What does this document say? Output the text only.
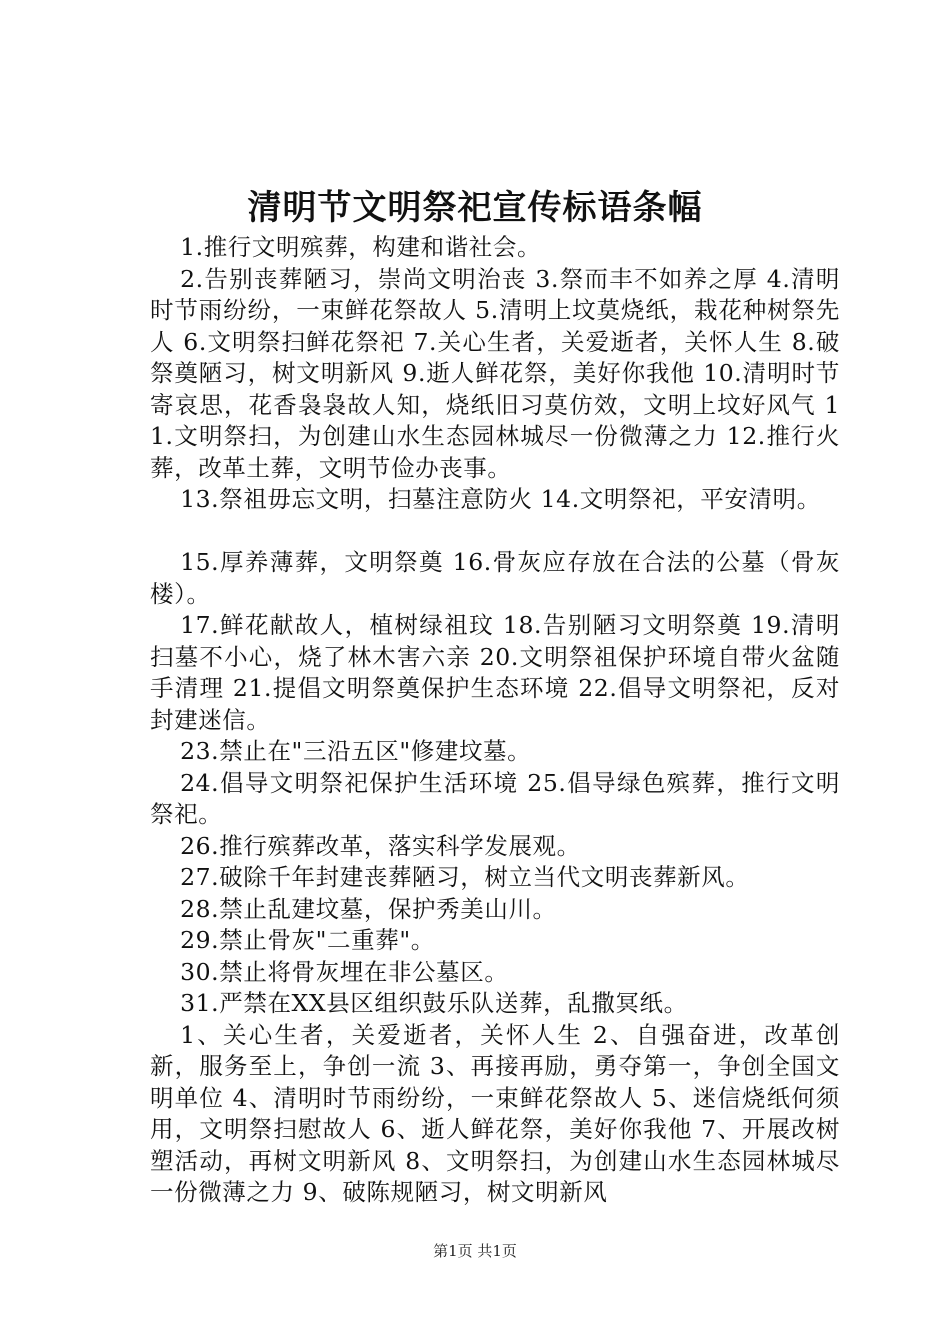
清明节文明祭祀宣传标语条幅

1.推行文明殡葬，构建和谐社会。

2.告别丧葬陋习，崇尚文明治丧 3.祭而丰不如养之厚 4.清明时节雨纷纷，一束鲜花祭故人 5.清明上坟莫烧纸，栽花种树祭先人 6.文明祭扫鲜花祭祀 7.关心生者，关爱逝者，关怀人生 8.破祭奠陋习，树文明新风 9.逝人鲜花祭，美好你我他 10.清明时节寄哀思，花香袅袅故人知，烧纸旧习莫仿效，文明上坟好风气 11.文明祭扫，为创建山水生态园林城尽一份微薄之力 12.推行火葬，改革土葬，文明节俭办丧事。

13.祭祖毋忘文明，扫墓注意防火 14.文明祭祀，平安清明。

15.厚养薄葬，文明祭奠 16.骨灰应存放在合法的公墓（骨灰楼）。

17.鲜花献故人，植树绿祖玟 18.告别陋习文明祭奠 19.清明扫墓不小心，烧了林木害六亲 20.文明祭祖保护环境自带火盆随手清理 21.提倡文明祭奠保护生态环境 22.倡导文明祭祀，反对封建迷信。

23.禁止在"三沿五区"修建坟墓。

24.倡导文明祭祀保护生活环境 25.倡导绿色殡葬，推行文明祭祀。

26.推行殡葬改革，落实科学发展观。

27.破除千年封建丧葬陋习，树立当代文明丧葬新风。

28.禁止乱建坟墓，保护秀美山川。

29.禁止骨灰"二重葬"。

30.禁止将骨灰埋在非公墓区。

31.严禁在XX县区组织鼓乐队送葬，乱撒冥纸。

1、关心生者，关爱逝者，关怀人生 2、自强奋进，改革创新，服务至上，争创一流 3、再接再励，勇夺第一，争创全国文明单位 4、清明时节雨纷纷，一束鲜花祭故人 5、迷信烧纸何须用，文明祭扫慰故人 6、逝人鲜花祭，美好你我他 7、开展改树塑活动，再树文明新风 8、文明祭扫，为创建山水生态园林城尽一份微薄之力 9、破陈规陋习，树文明新风

第1页 共1页
